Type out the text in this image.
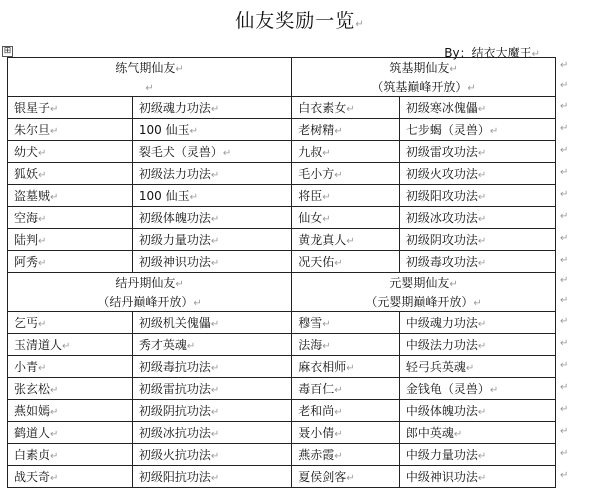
仙友奖励一览↵
By：结衣大魔王↵
⊞
练气期仙友↵		筑基期仙友↵	
↵		（筑基巅峰开放）↵	
银星子↵	初级魂力功法↵	白衣素女↵	初级寒冰傀儡↵
朱尔旦↵	100 仙玉↵	老树精↵	七步蝎（灵兽）↵
幼犬↵	裂毛犬（灵兽）↵	九叔↵	初级雷攻功法↵
狐妖↵	初级法力功法↵	毛小方↵	初级火攻功法↵
盗墓贼↵	100 仙玉↵	将臣↵	初级阳攻功法↵
空海↵	初级体魄功法↵	仙女↵	初级冰攻功法↵
陆判↵	初级力量功法↵	黄龙真人↵	初级阴攻功法↵
阿秀↵	初级神识功法↵	况天佑↵	初级毒攻功法↵
结丹期仙友↵		元婴期仙友↵	
（结丹巅峰开放）↵		（元婴期巅峰开放）↵	
乞丐↵	初级机关傀儡↵	穆雪↵	中级魂力功法↵
玉清道人↵	秀才英魂↵	法海↵	中级法力功法↵
小青↵	初级毒抗功法↵	麻衣相师↵	轻弓兵英魂↵
张玄松↵	初级雷抗功法↵	毒百仁↵	金钱龟（灵兽）↵
燕如嫣↵	初级阴抗功法↵	老和尚↵	中级体魄功法↵
鹤道人↵	初级冰抗功法↵	聂小倩↵	郎中英魂↵
白素贞↵	初级火抗功法↵	燕赤霞↵	中级力量功法↵
战天奇↵	初级阳抗功法↵	夏侯剑客↵	中级神识功法↵
↵
↵
↵
↵
↵
↵
↵
↵
↵
↵
↵
↵
↵
↵
↵
↵
↵
↵
↵
↵
